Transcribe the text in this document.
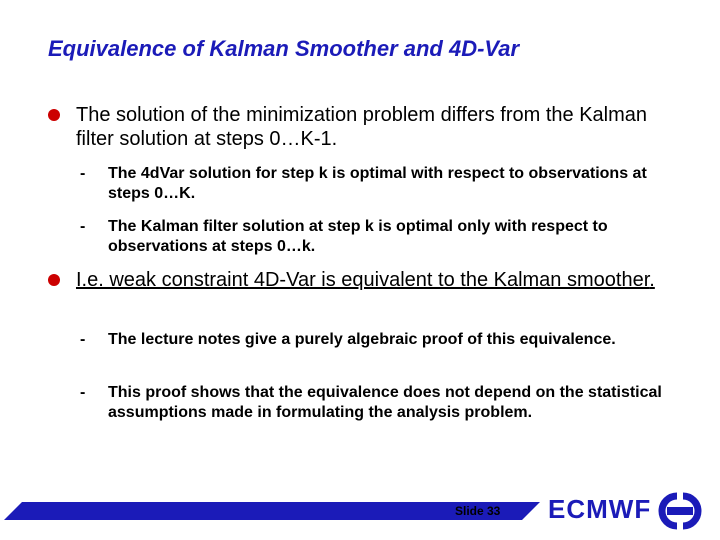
Equivalence of Kalman Smoother and 4D-Var
The solution of the minimization problem differs from the Kalman filter solution at steps 0…K-1.
- The 4dVar solution for step k is optimal with respect to observations at steps 0…K.
- The Kalman filter solution at step k is optimal only with respect to observations at steps 0…k.
I.e. weak constraint 4D-Var is equivalent to the Kalman smoother.
- The lecture notes give a purely algebraic proof of this equivalence.
- This proof shows that the equivalence does not depend on the statistical assumptions made in formulating the analysis problem.
Slide 33 ECMWF
